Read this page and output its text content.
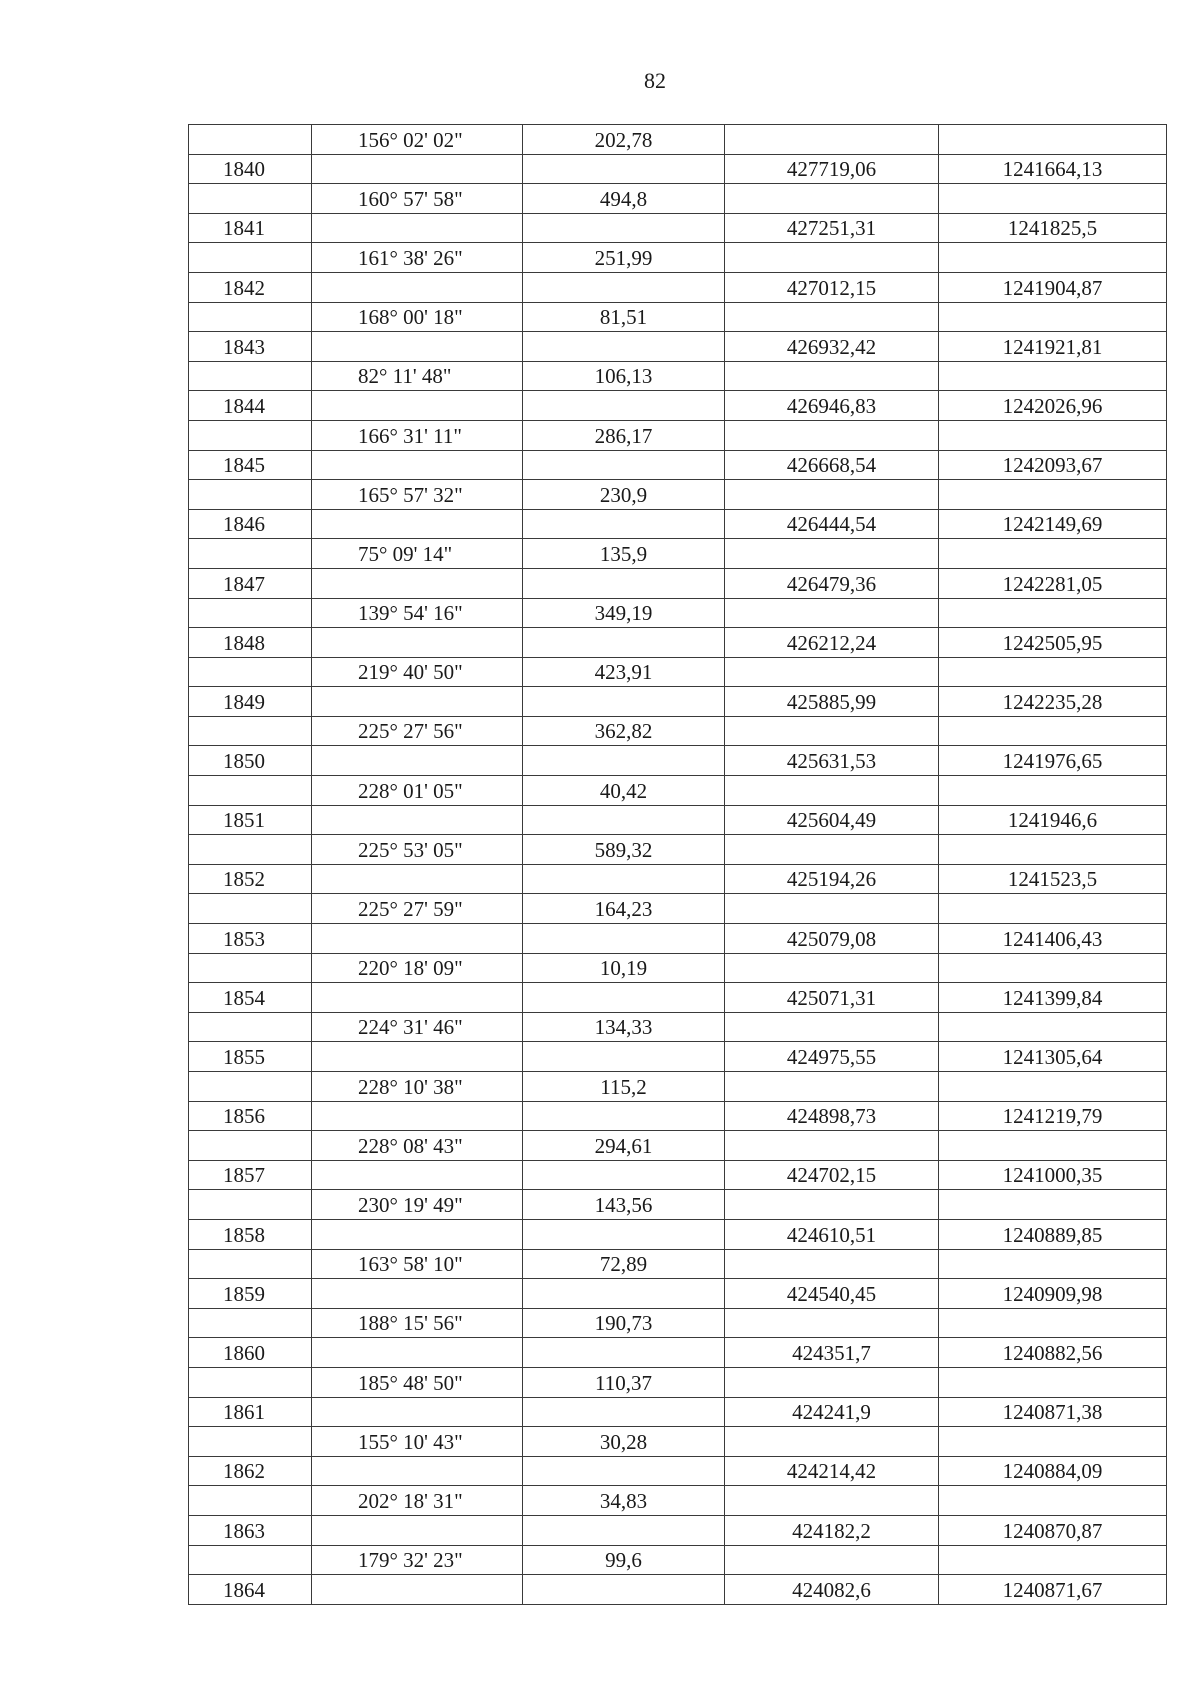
82
	156° 02' 02"	202,78		
1840			427719,06	1241664,13
	160° 57' 58"	494,8		
1841			427251,31	1241825,5
	161° 38' 26"	251,99		
1842			427012,15	1241904,87
	168° 00' 18"	81,51		
1843			426932,42	1241921,81
	82° 11' 48"	106,13		
1844			426946,83	1242026,96
	166° 31' 11"	286,17		
1845			426668,54	1242093,67
	165° 57' 32"	230,9		
1846			426444,54	1242149,69
	75° 09' 14"	135,9		
1847			426479,36	1242281,05
	139° 54' 16"	349,19		
1848			426212,24	1242505,95
	219° 40' 50"	423,91		
1849			425885,99	1242235,28
	225° 27' 56"	362,82		
1850			425631,53	1241976,65
	228° 01' 05"	40,42		
1851			425604,49	1241946,6
	225° 53' 05"	589,32		
1852			425194,26	1241523,5
	225° 27' 59"	164,23		
1853			425079,08	1241406,43
	220° 18' 09"	10,19		
1854			425071,31	1241399,84
	224° 31' 46"	134,33		
1855			424975,55	1241305,64
	228° 10' 38"	115,2		
1856			424898,73	1241219,79
	228° 08' 43"	294,61		
1857			424702,15	1241000,35
	230° 19' 49"	143,56		
1858			424610,51	1240889,85
	163° 58' 10"	72,89		
1859			424540,45	1240909,98
	188° 15' 56"	190,73		
1860			424351,7	1240882,56
	185° 48' 50"	110,37		
1861			424241,9	1240871,38
	155° 10' 43"	30,28		
1862			424214,42	1240884,09
	202° 18' 31"	34,83		
1863			424182,2	1240870,87
	179° 32' 23"	99,6		
1864			424082,6	1240871,67
